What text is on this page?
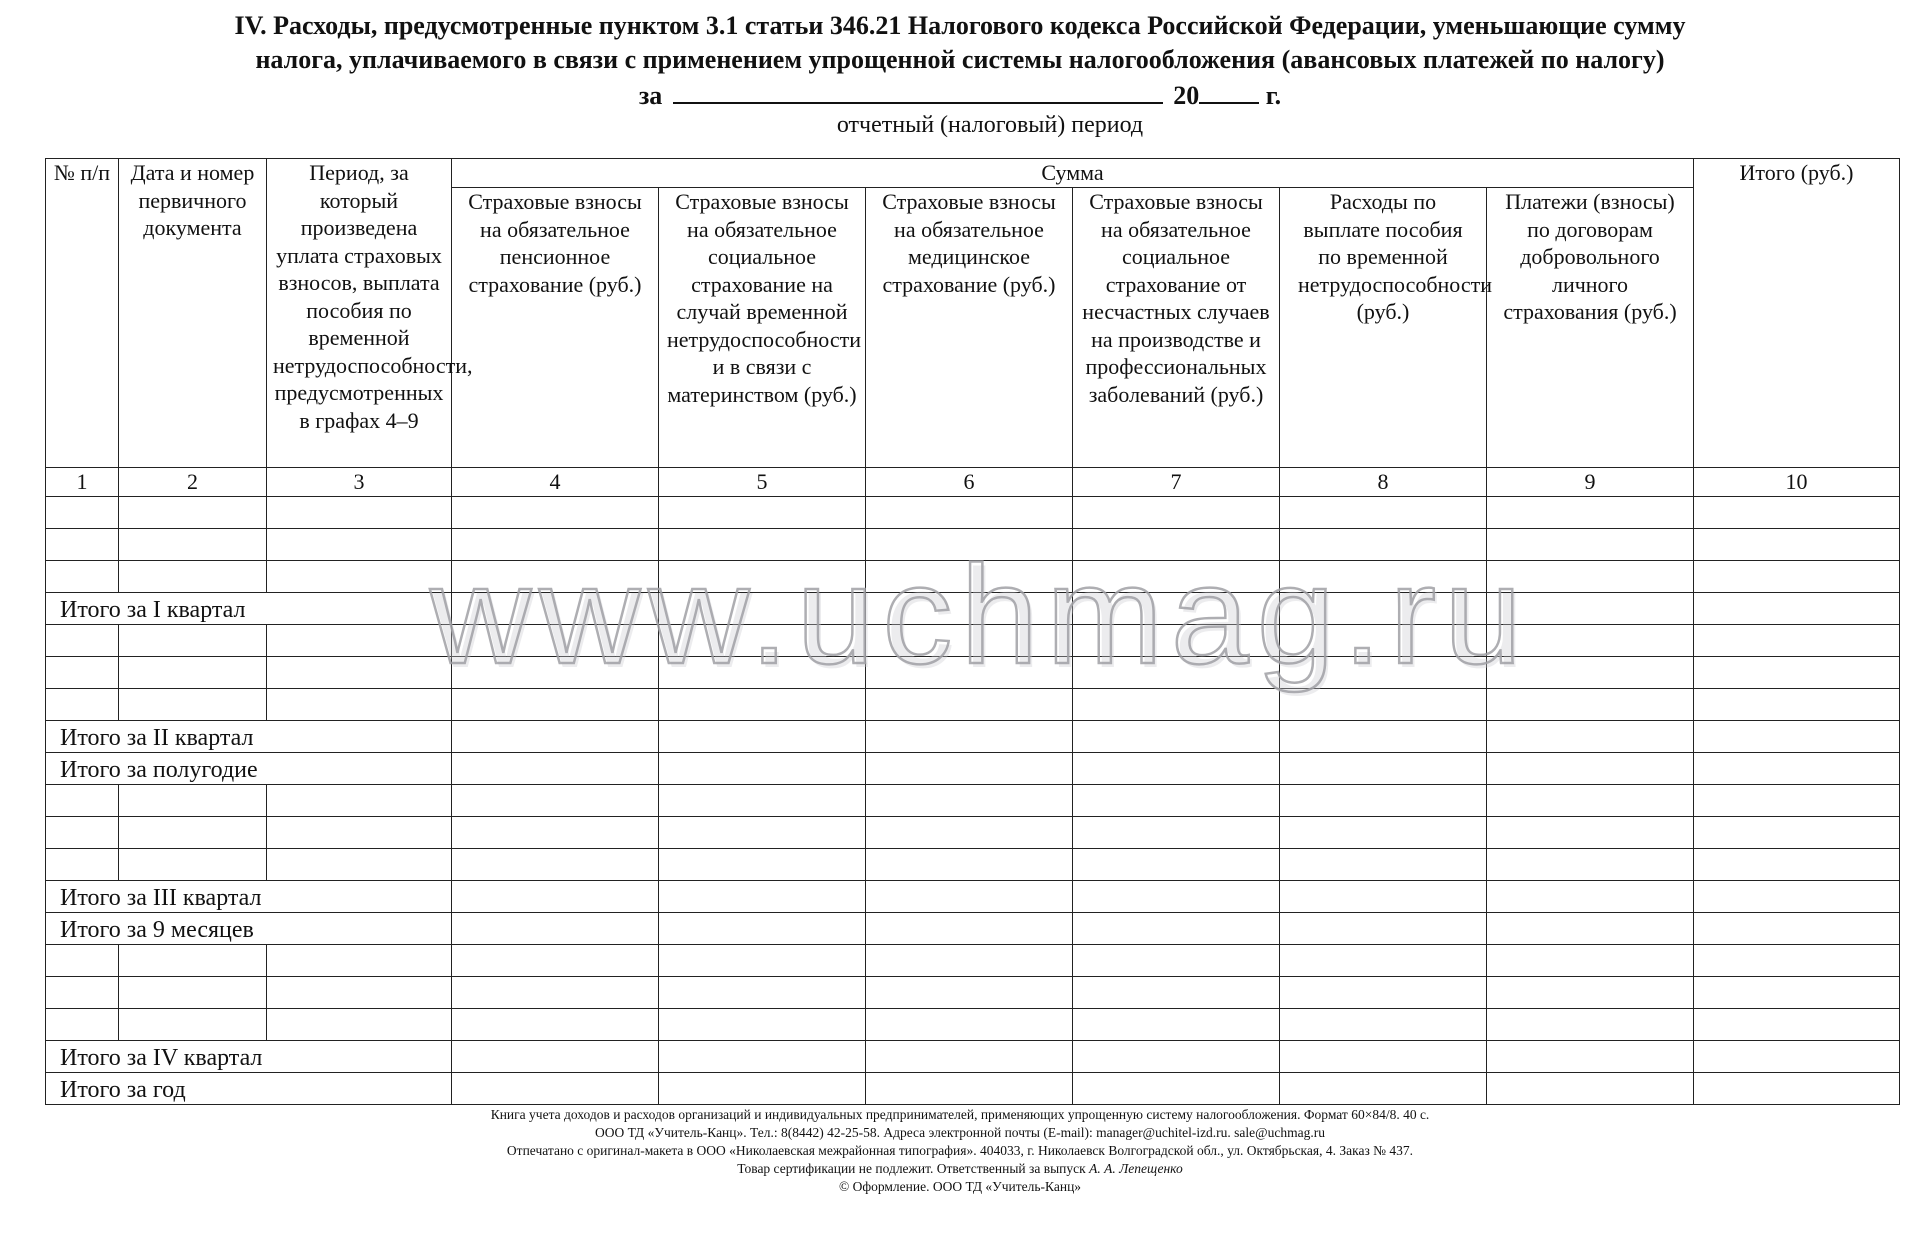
IV. Расходы, предусмотренные пунктом 3.1 статьи 346.21 Налогового кодекса Российской Федерации, уменьшающие сумму
налога, уплачиваемого в связи с применением упрощенной системы налогообложения (авансовых платежей по налогу)
за	20	г.
отчетный (налоговый) период
№ п/п	Дата и номер первичного документа	Период, за который произведена уплата страховых взносов, выплата пособия по временной нетрудоспособности, предусмотренных в графах 4–9	Сумма						Итого (руб.)
			Страховые взносы на обязательное пенсионное страхование (руб.)	Страховые взносы на обязательное социальное страхование на случай временной нетрудоспособности и в связи с материнством (руб.)	Страховые взносы на обязательное медицинское страхование (руб.)	Страховые взносы на обязательное социальное страхование от несчастных случаев на производстве и профессиональных заболеваний (руб.)	Расходы по выплате пособия по временной нетрудоспособности (руб.)	Платежи (взносы) по договорам добровольного личного страхования (руб.)	
1	2	3	4	5	6	7	8	9	10

Итого за I квартал									

Итого за II квартал									
Итого за полугодие									

Итого за III квартал									
Итого за 9 месяцев									

Итого за IV квартал									
Итого за год									
www.uchmag.ru
Книга учета доходов и расходов организаций и индивидуальных предпринимателей, применяющих упрощенную систему налогообложения. Формат 60×84/8. 40 с.
ООО ТД «Учитель-Канц». Тел.: 8(8442) 42-25-58. Адреса электронной почты (E-mail): manager@uchitel-izd.ru. sale@uchmag.ru
Отпечатано с оригинал-макета в ООО «Николаевская межрайонная типография». 404033, г. Николаевск Волгоградской обл., ул. Октябрьская, 4. Заказ № 437.
Товар сертификации не подлежит. Ответственный за выпуск А. А. Лепещенко
© Оформление. ООО ТД «Учитель-Канц»
